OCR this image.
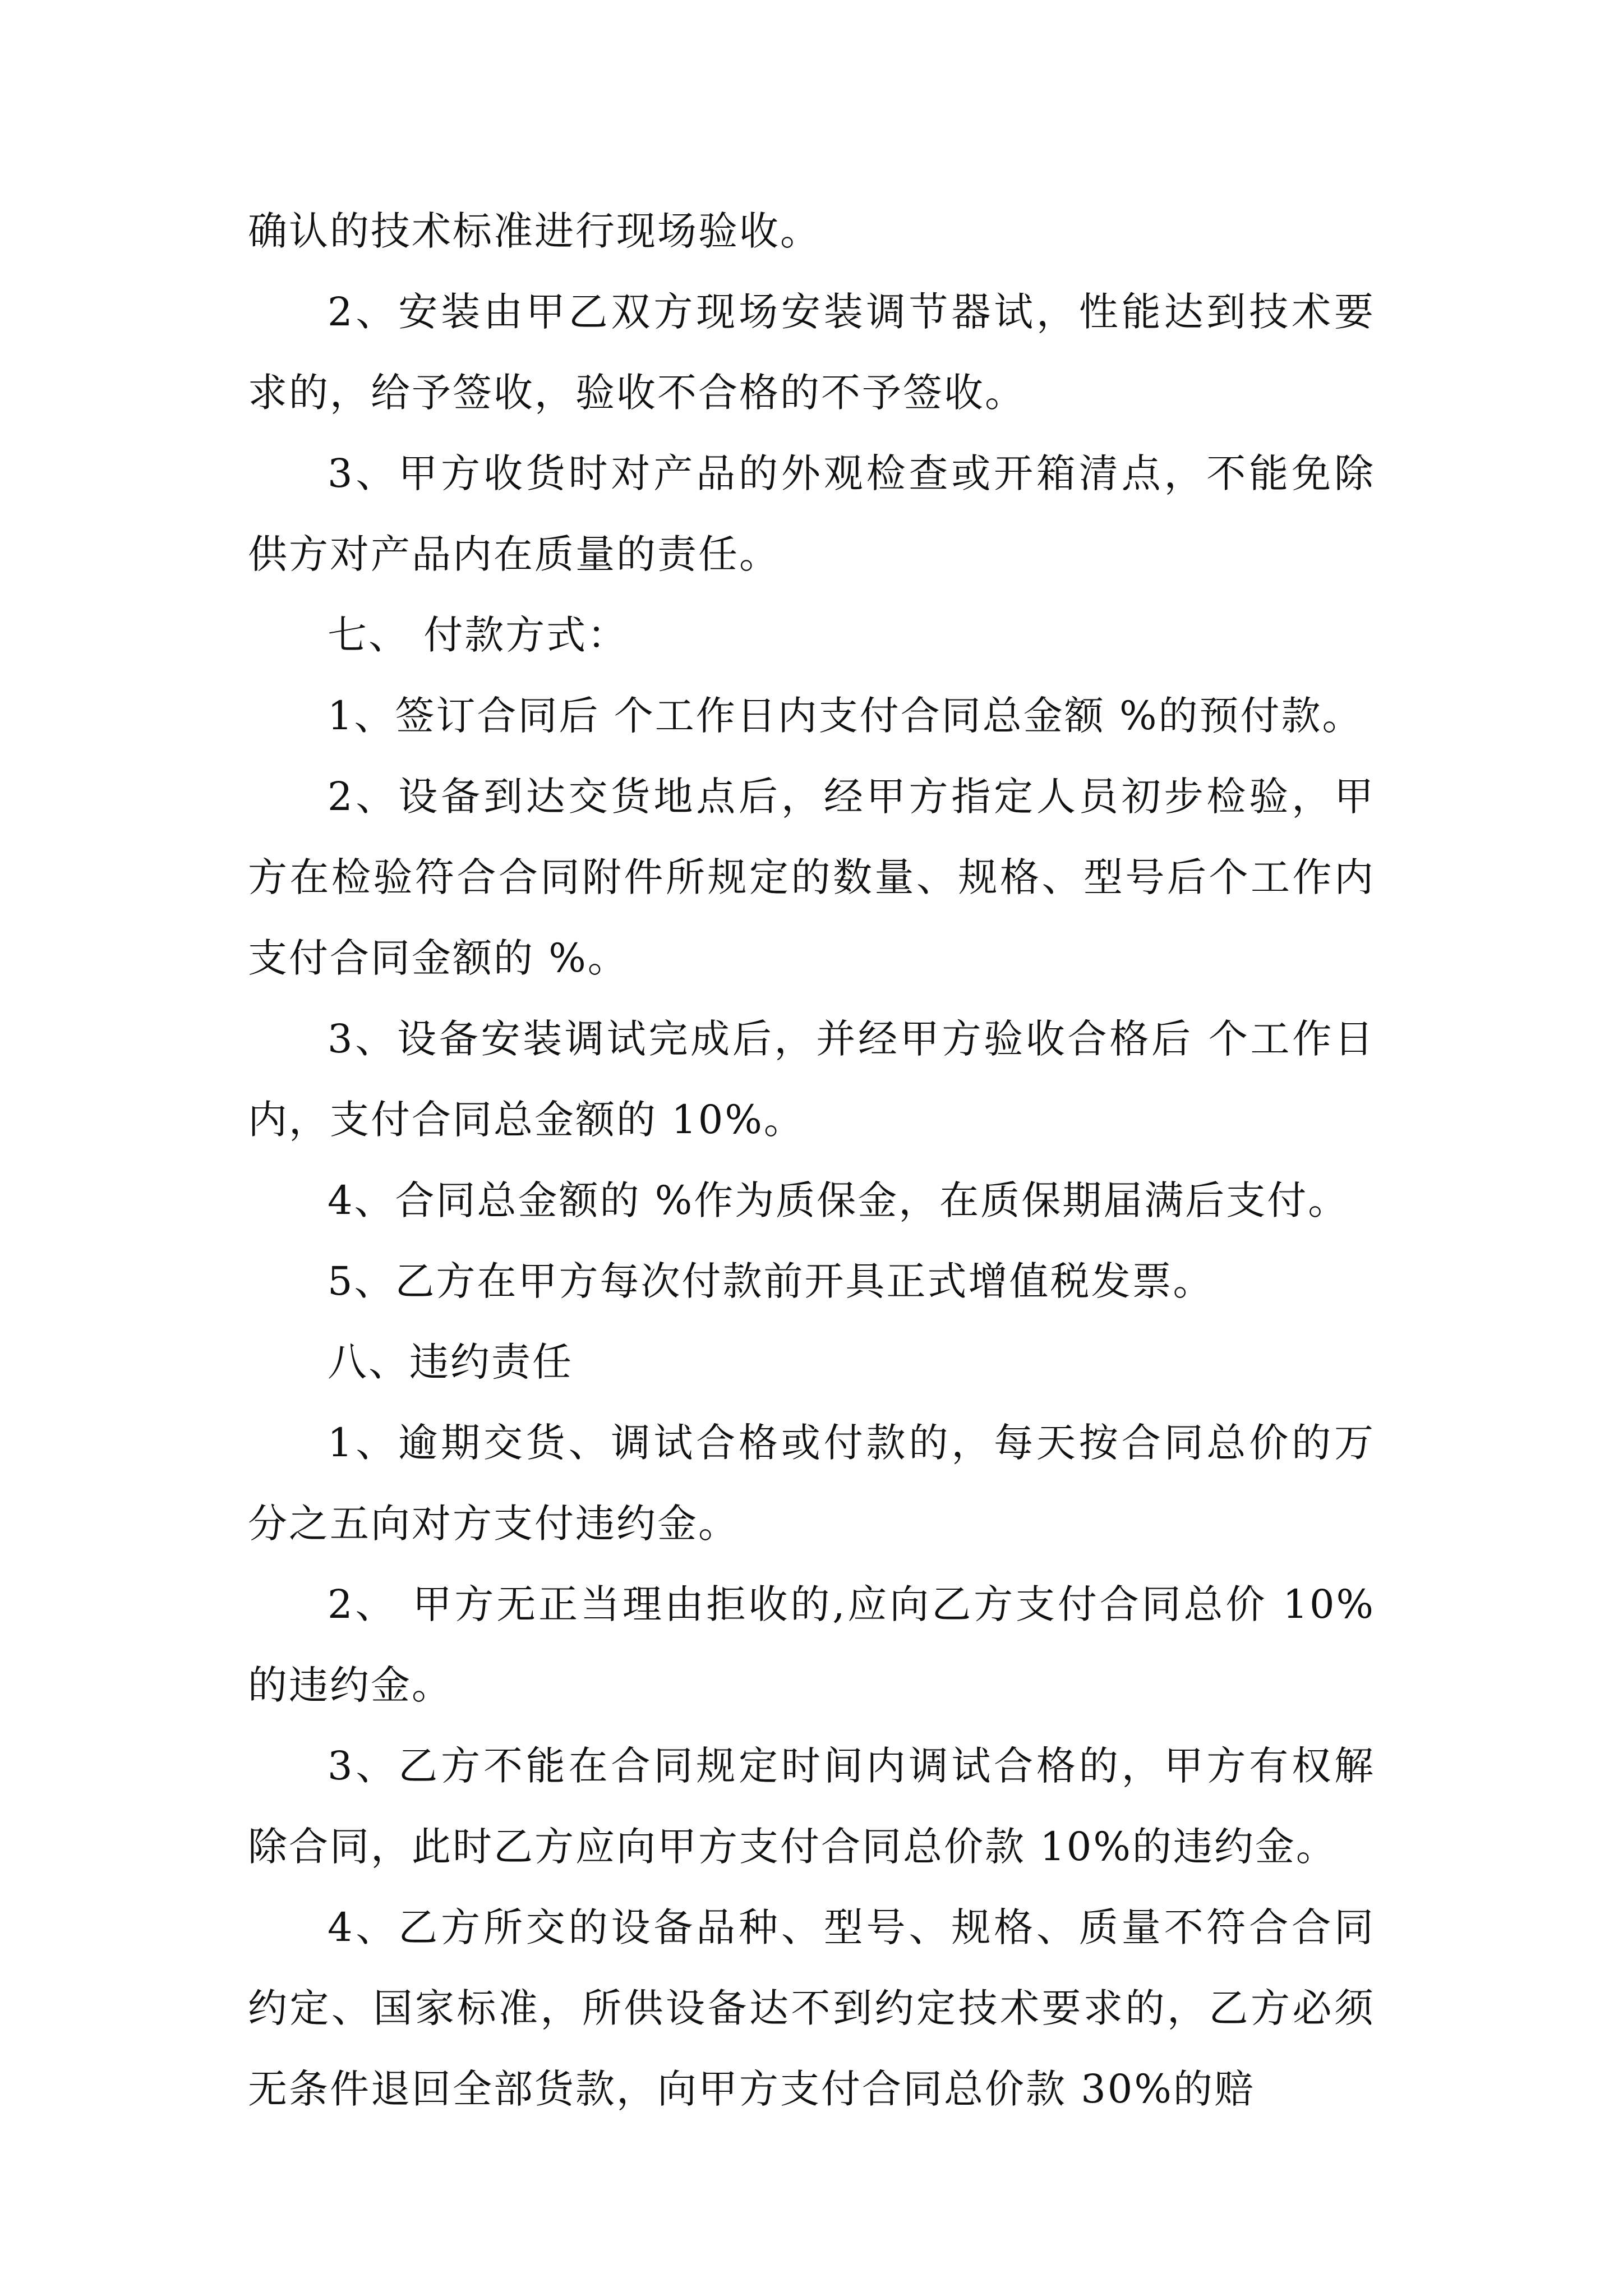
确认的技术标准进行现场验收。

2、安装由甲乙双方现场安装调节器试，性能达到技术要求的，给予签收，验收不合格的不予签收。

3、甲方收货时对产品的外观检查或开箱清点，不能免除供方对产品内在质量的责任。

七、 付款方式：

1、签订合同后 个工作日内支付合同总金额 %的预付款。

2、设备到达交货地点后，经甲方指定人员初步检验，甲方在检验符合合同附件所规定的数量、规格、型号后个工作内支付合同金额的 %。

3、设备安装调试完成后，并经甲方验收合格后 个工作日内，支付合同总金额的 10%。

4、合同总金额的 %作为质保金，在质保期届满后支付。

5、乙方在甲方每次付款前开具正式增值税发票。

八、违约责任

1、逾期交货、调试合格或付款的，每天按合同总价的万分之五向对方支付违约金。

2、 甲方无正当理由拒收的,应向乙方支付合同总价 10%的违约金。

3、乙方不能在合同规定时间内调试合格的，甲方有权解除合同，此时乙方应向甲方支付合同总价款 10%的违约金。

4、乙方所交的设备品种、型号、规格、质量不符合合同约定、国家标准，所供设备达不到约定技术要求的，乙方必须无条件退回全部货款，向甲方支付合同总价款 30%的赔
